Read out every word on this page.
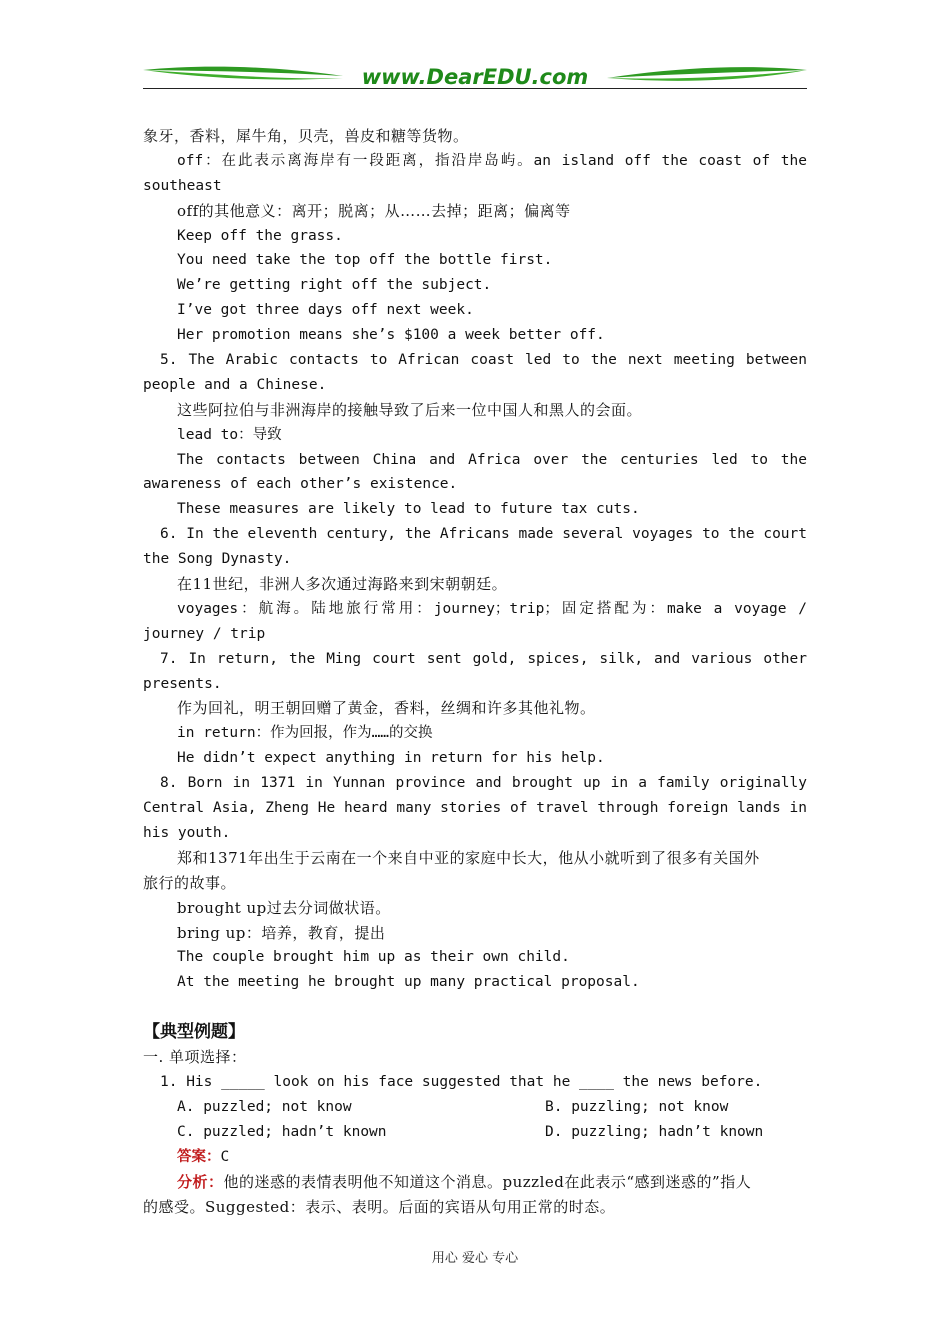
www.DearEDU.com
象牙，香料，犀牛角，贝壳，兽皮和糖等货物。
off：在此表示离海岸有一段距离，指沿岸岛屿。an island off the coast of the
southeast
off的其他意义：离开；脱离；从……去掉；距离；偏离等
Keep off the grass.
You need take the top off the bottle first.
We’re getting right off the subject.
I’ve got three days off next week.
Her promotion means she’s $100 a week better off.
5. The Arabic contacts to African coast led to the next meeting between
people and a Chinese.
这些阿拉伯与非洲海岸的接触导致了后来一位中国人和黑人的会面。
lead to：导致
The contacts between China and Africa over the centuries led to the
awareness of each other’s existence.
These measures are likely to lead to future tax cuts.
6. In the eleventh century, the Africans made several voyages to the court
the Song Dynasty.
在11世纪，非洲人多次通过海路来到宋朝朝廷。
voyages：航海。陆地旅行常用：journey；trip；固定搭配为：make a voyage /
journey / trip
7. In return, the Ming court sent gold, spices, silk, and various other
presents.
作为回礼，明王朝回赠了黄金，香料，丝绸和许多其他礼物。
in return：作为回报，作为……的交换
He didn’t expect anything in return for his help.
8. Born in 1371 in Yunnan province and brought up in a family originally
Central Asia, Zheng He heard many stories of travel through foreign lands in
his youth.
郑和1371年出生于云南在一个来自中亚的家庭中长大，他从小就听到了很多有关国外
旅行的故事。
brought up过去分词做状语。
bring up：培养，教育，提出
The couple brought him up as their own child.
At the meeting he brought up many practical proposal.
【典型例题】
一. 单项选择：
1. His _____ look on his face suggested that he ____ the news before.
A. puzzled; not know	B. puzzling; not know
C. puzzled; hadn’t known	D. puzzling; hadn’t known
答案：C
分析：他的迷惑的表情表明他不知道这个消息。puzzled在此表示“感到迷惑的”指人
的感受。Suggested：表示、表明。后面的宾语从句用正常的时态。
用心 爱心 专心
